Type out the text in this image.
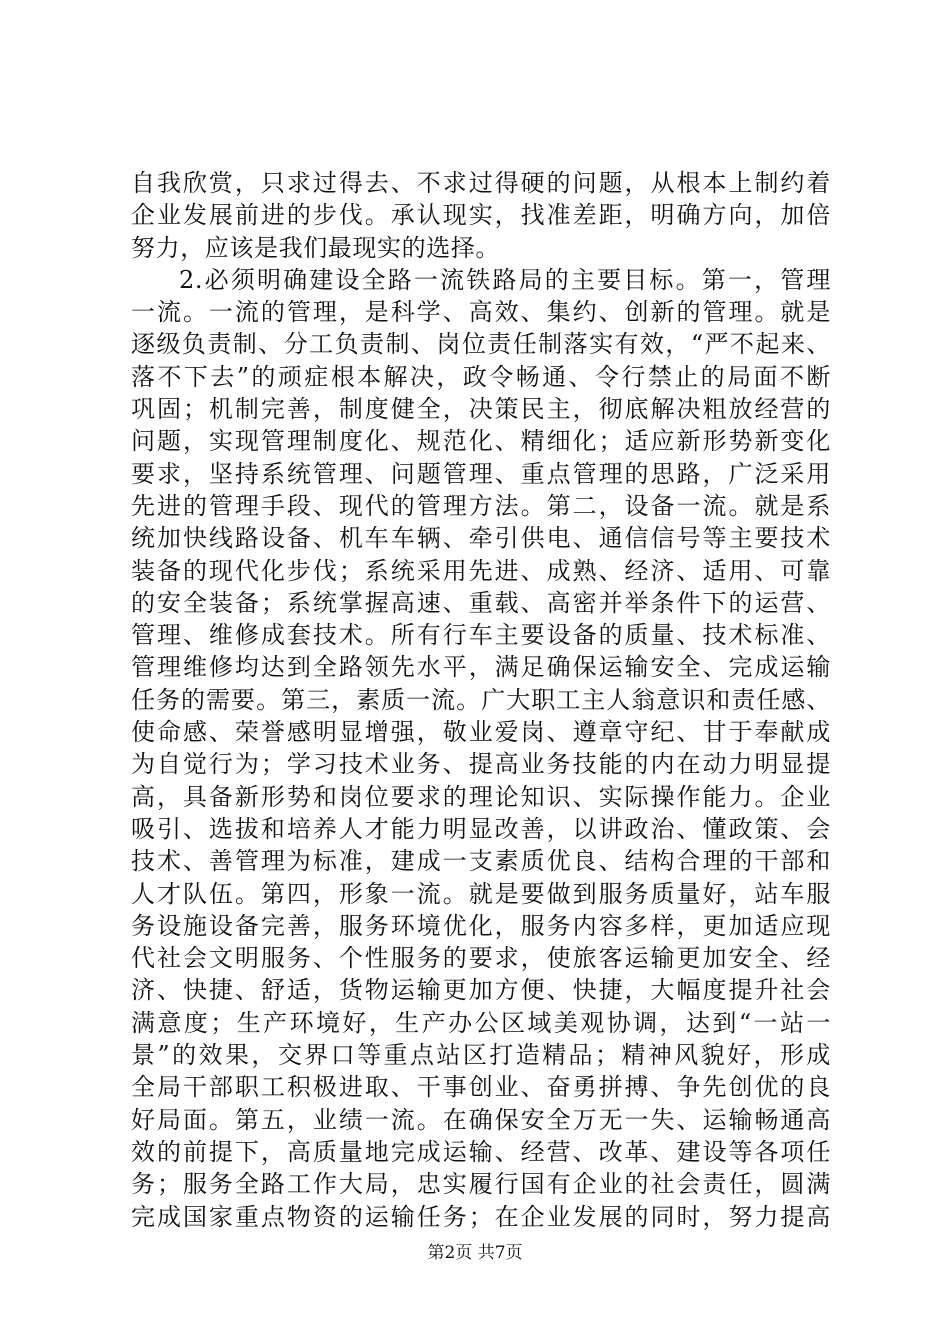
自我欣赏，只求过得去、不求过得硬的问题，从根本上制约着
企业发展前进的步伐。承认现实，找准差距，明确方向，加倍
努力，应该是我们最现实的选择。
2.必须明确建设全路一流铁路局的主要目标。第一，管理
一流。一流的管理，是科学、高效、集约、创新的管理。就是
逐级负责制、分工负责制、岗位责任制落实有效，“严不起来、
落不下去”的顽症根本解决，政令畅通、令行禁止的局面不断
巩固；机制完善，制度健全，决策民主，彻底解决粗放经营的
问题，实现管理制度化、规范化、精细化；适应新形势新变化
要求，坚持系统管理、问题管理、重点管理的思路，广泛采用
先进的管理手段、现代的管理方法。第二，设备一流。就是系
统加快线路设备、机车车辆、牵引供电、通信信号等主要技术
装备的现代化步伐；系统采用先进、成熟、经济、适用、可靠
的安全装备；系统掌握高速、重载、高密并举条件下的运营、
管理、维修成套技术。所有行车主要设备的质量、技术标准、
管理维修均达到全路领先水平，满足确保运输安全、完成运输
任务的需要。第三，素质一流。广大职工主人翁意识和责任感、
使命感、荣誉感明显增强，敬业爱岗、遵章守纪、甘于奉献成
为自觉行为；学习技术业务、提高业务技能的内在动力明显提
高，具备新形势和岗位要求的理论知识、实际操作能力。企业
吸引、选拔和培养人才能力明显改善，以讲政治、懂政策、会
技术、善管理为标准，建成一支素质优良、结构合理的干部和
人才队伍。第四，形象一流。就是要做到服务质量好，站车服
务设施设备完善，服务环境优化，服务内容多样，更加适应现
代社会文明服务、个性服务的要求，使旅客运输更加安全、经
济、快捷、舒适，货物运输更加方便、快捷，大幅度提升社会
满意度；生产环境好，生产办公区域美观协调，达到“一站一
景”的效果，交界口等重点站区打造精品；精神风貌好，形成
全局干部职工积极进取、干事创业、奋勇拼搏、争先创优的良
好局面。第五，业绩一流。在确保安全万无一失、运输畅通高
效的前提下，高质量地完成运输、经营、改革、建设等各项任
务；服务全路工作大局，忠实履行国有企业的社会责任，圆满
完成国家重点物资的运输任务；在企业发展的同时，努力提高
第2页 共7页
